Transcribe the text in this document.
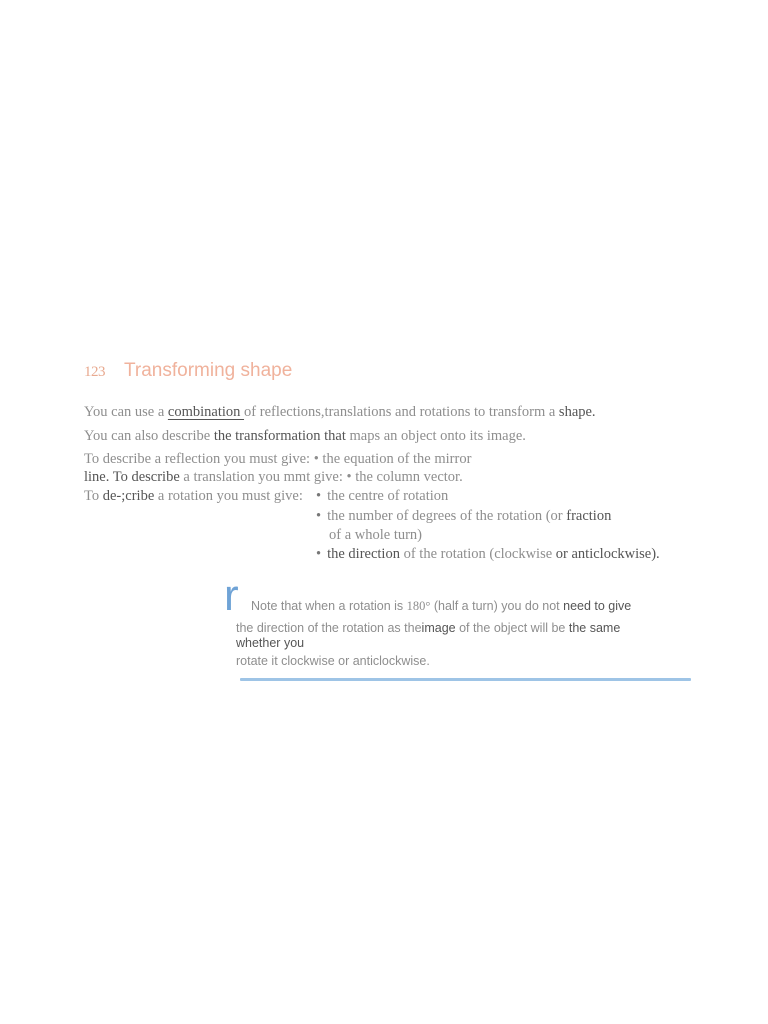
123	Transforming shape
You can use a combination of reflections,translations and rotations to transform a shape.
You can also describe the transformation that maps an object onto its image.
To describe a reflection you must give: • the equation of the mirror
line. To describe a translation you mmt give: • the column vector.
To de-;cribe a rotation you must give: • the centre of rotation
• the number of degrees of the rotation (or fraction
of a whole turn)
• the direction of the rotation (clockwise or anticlockwise).
r Note that when a rotation is 180° (half a turn) you do not need to give
the direction of the rotation as theimage of the object will be the same
whether you
rotate it clockwise or anticlockwise.
